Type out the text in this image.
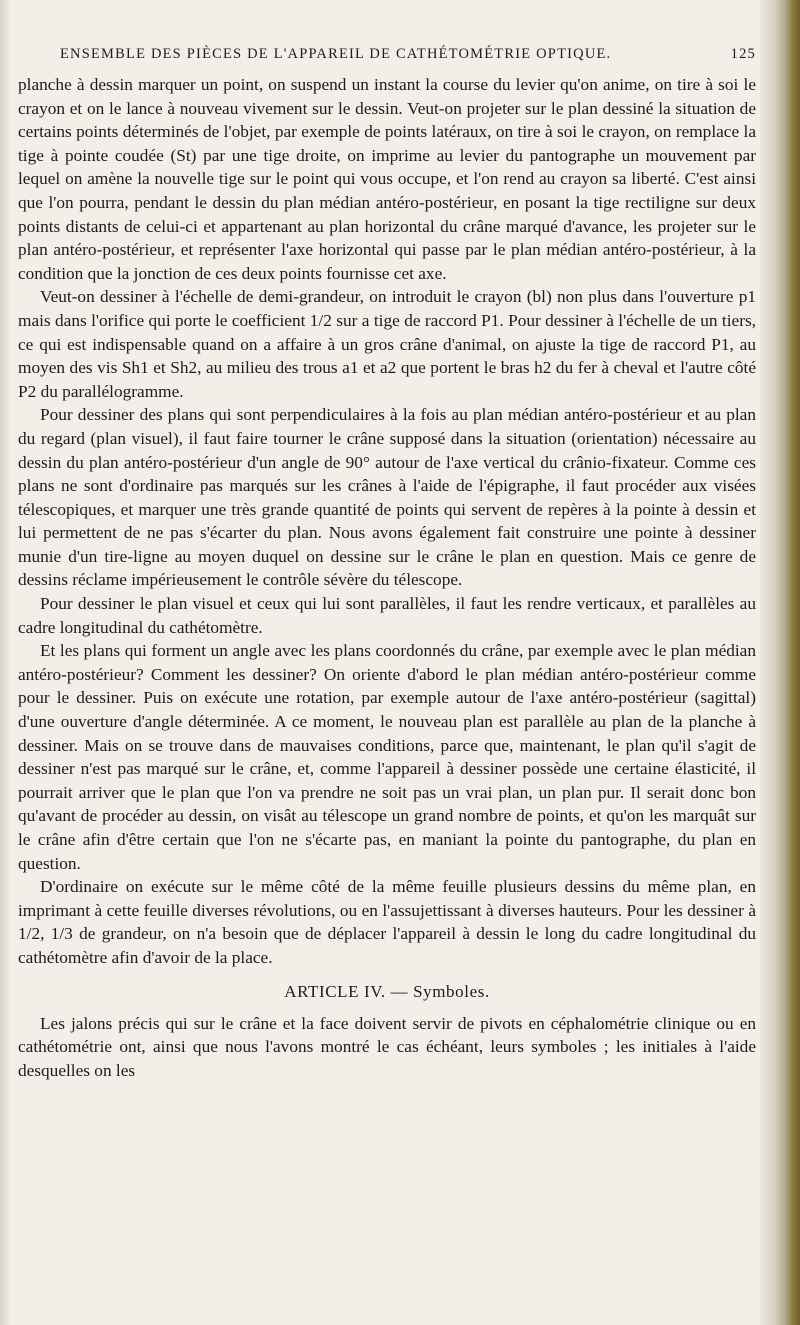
ENSEMBLE DES PIÈCES DE L'APPAREIL DE CATHÉTOMÉTRIE OPTIQUE.	125

planche à dessin marquer un point, on suspend un instant la course du levier qu'on anime, on tire à soi le crayon et on le lance à nouveau vivement sur le dessin. Veut-on projeter sur le plan dessiné la situation de certains points déterminés de l'objet, par exemple de points latéraux, on tire à soi le crayon, on remplace la tige à pointe coudée (St) par une tige droite, on imprime au levier du pantographe un mouvement par lequel on amène la nouvelle tige sur le point qui vous occupe, et l'on rend au crayon sa liberté. C'est ainsi que l'on pourra, pendant le dessin du plan médian antéro-postérieur, en posant la tige rectiligne sur deux points distants de celui-ci et appartenant au plan horizontal du crâne marqué d'avance, les projeter sur le plan antéro-postérieur, et représenter l'axe horizontal qui passe par le plan médian antéro-postérieur, à la condition que la jonction de ces deux points fournisse cet axe.

Veut-on dessiner à l'échelle de demi-grandeur, on introduit le crayon (bl) non plus dans l'ouverture p1 mais dans l'orifice qui porte le coefficient 1/2 sur a tige de raccord P1. Pour dessiner à l'échelle de un tiers, ce qui est indispensable quand on a affaire à un gros crâne d'animal, on ajuste la tige de raccord P1, au moyen des vis Sh1 et Sh2, au milieu des trous a1 et a2 que portent le bras h2 du fer à cheval et l'autre côté P2 du parallélogramme.

Pour dessiner des plans qui sont perpendiculaires à la fois au plan médian antéro-postérieur et au plan du regard (plan visuel), il faut faire tourner le crâne supposé dans la situation (orientation) nécessaire au dessin du plan antéro-postérieur d'un angle de 90° autour de l'axe vertical du crânio-fixateur. Comme ces plans ne sont d'ordinaire pas marqués sur les crânes à l'aide de l'épigraphe, il faut procéder aux visées télescopiques, et marquer une très grande quantité de points qui servent de repères à la pointe à dessin et lui permettent de ne pas s'écarter du plan. Nous avons également fait construire une pointe à dessiner munie d'un tire-ligne au moyen duquel on dessine sur le crâne le plan en question. Mais ce genre de dessins réclame impérieusement le contrôle sévère du télescope.

Pour dessiner le plan visuel et ceux qui lui sont parallèles, il faut les rendre verticaux, et parallèles au cadre longitudinal du cathétomètre.

Et les plans qui forment un angle avec les plans coordonnés du crâne, par exemple avec le plan médian antéro-postérieur? Comment les dessiner? On oriente d'abord le plan médian antéro-postérieur comme pour le dessiner. Puis on exécute une rotation, par exemple autour de l'axe antéro-postérieur (sagittal) d'une ouverture d'angle déterminée. A ce moment, le nouveau plan est parallèle au plan de la planche à dessiner. Mais on se trouve dans de mauvaises conditions, parce que, maintenant, le plan qu'il s'agit de dessiner n'est pas marqué sur le crâne, et, comme l'appareil à dessiner possède une certaine élasticité, il pourrait arriver que le plan que l'on va prendre ne soit pas un vrai plan, un plan pur. Il serait donc bon qu'avant de procéder au dessin, on visât au télescope un grand nombre de points, et qu'on les marquât sur le crâne afin d'être certain que l'on ne s'écarte pas, en maniant la pointe du pantographe, du plan en question.

D'ordinaire on exécute sur le même côté de la même feuille plusieurs dessins du même plan, en imprimant à cette feuille diverses révolutions, ou en l'assujettissant à diverses hauteurs. Pour les dessiner à 1/2, 1/3 de grandeur, on n'a besoin que de déplacer l'appareil à dessin le long du cadre longitudinal du cathétomètre afin d'avoir de la place.

ARTICLE IV. — Symboles.

Les jalons précis qui sur le crâne et la face doivent servir de pivots en céphalométrie clinique ou en cathétométrie ont, ainsi que nous l'avons montré le cas échéant, leurs symboles ; les initiales à l'aide desquelles on les
